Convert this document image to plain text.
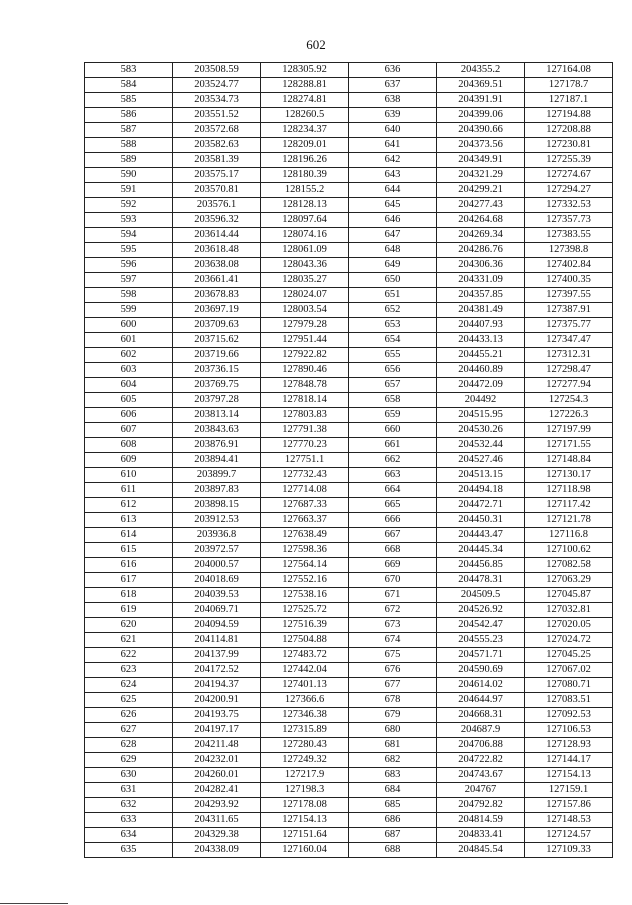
602
583	203508.59	128305.92	636	204355.2	127164.08
584	203524.77	128288.81	637	204369.51	127178.7
585	203534.73	128274.81	638	204391.91	127187.1
586	203551.52	128260.5	639	204399.06	127194.88
587	203572.68	128234.37	640	204390.66	127208.88
588	203582.63	128209.01	641	204373.56	127230.81
589	203581.39	128196.26	642	204349.91	127255.39
590	203575.17	128180.39	643	204321.29	127274.67
591	203570.81	128155.2	644	204299.21	127294.27
592	203576.1	128128.13	645	204277.43	127332.53
593	203596.32	128097.64	646	204264.68	127357.73
594	203614.44	128074.16	647	204269.34	127383.55
595	203618.48	128061.09	648	204286.76	127398.8
596	203638.08	128043.36	649	204306.36	127402.84
597	203661.41	128035.27	650	204331.09	127400.35
598	203678.83	128024.07	651	204357.85	127397.55
599	203697.19	128003.54	652	204381.49	127387.91
600	203709.63	127979.28	653	204407.93	127375.77
601	203715.62	127951.44	654	204433.13	127347.47
602	203719.66	127922.82	655	204455.21	127312.31
603	203736.15	127890.46	656	204460.89	127298.47
604	203769.75	127848.78	657	204472.09	127277.94
605	203797.28	127818.14	658	204492	127254.3
606	203813.14	127803.83	659	204515.95	127226.3
607	203843.63	127791.38	660	204530.26	127197.99
608	203876.91	127770.23	661	204532.44	127171.55
609	203894.41	127751.1	662	204527.46	127148.84
610	203899.7	127732.43	663	204513.15	127130.17
611	203897.83	127714.08	664	204494.18	127118.98
612	203898.15	127687.33	665	204472.71	127117.42
613	203912.53	127663.37	666	204450.31	127121.78
614	203936.8	127638.49	667	204443.47	127116.8
615	203972.57	127598.36	668	204445.34	127100.62
616	204000.57	127564.14	669	204456.85	127082.58
617	204018.69	127552.16	670	204478.31	127063.29
618	204039.53	127538.16	671	204509.5	127045.87
619	204069.71	127525.72	672	204526.92	127032.81
620	204094.59	127516.39	673	204542.47	127020.05
621	204114.81	127504.88	674	204555.23	127024.72
622	204137.99	127483.72	675	204571.71	127045.25
623	204172.52	127442.04	676	204590.69	127067.02
624	204194.37	127401.13	677	204614.02	127080.71
625	204200.91	127366.6	678	204644.97	127083.51
626	204193.75	127346.38	679	204668.31	127092.53
627	204197.17	127315.89	680	204687.9	127106.53
628	204211.48	127280.43	681	204706.88	127128.93
629	204232.01	127249.32	682	204722.82	127144.17
630	204260.01	127217.9	683	204743.67	127154.13
631	204282.41	127198.3	684	204767	127159.1
632	204293.92	127178.08	685	204792.82	127157.86
633	204311.65	127154.13	686	204814.59	127148.53
634	204329.38	127151.64	687	204833.41	127124.57
635	204338.09	127160.04	688	204845.54	127109.33
